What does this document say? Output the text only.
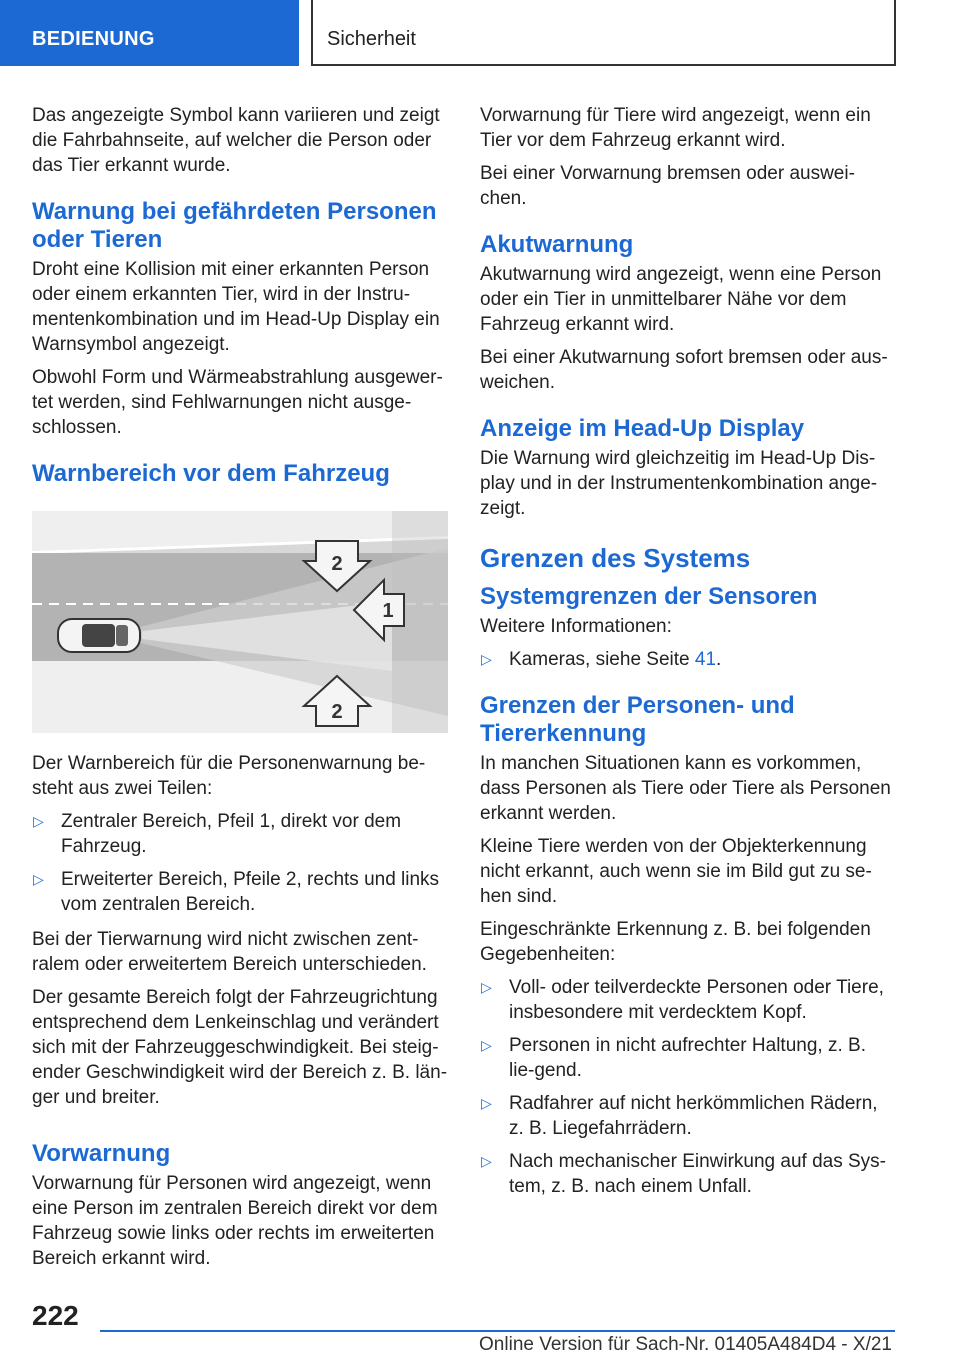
BEDIENUNG	Sicherheit

Das angezeigte Symbol kann variieren und zeigt die Fahrbahnseite, auf welcher die Person oder das Tier erkannt wurde.

Warnung bei gefährdeten Personen oder Tieren

Droht eine Kollision mit einer erkannten Person oder einem erkannten Tier, wird in der Instru-mentenkombination und im Head-Up Display ein Warnsymbol angezeigt.

Obwohl Form und Wärmeabstrahlung ausgewer-tet werden, sind Fehlwarnungen nicht ausge-schlossen.

Warnbereich vor dem Fahrzeug
2
1
2

Der Warnbereich für die Personenwarnung be-steht aus zwei Teilen:

▷ Zentraler Bereich, Pfeil 1, direkt vor dem Fahrzeug.
▷ Erweiterter Bereich, Pfeile 2, rechts und links vom zentralen Bereich.

Bei der Tierwarnung wird nicht zwischen zent-ralem oder erweitertem Bereich unterschieden.

Der gesamte Bereich folgt der Fahrzeugrichtung entsprechend dem Lenkeinschlag und verändert sich mit der Fahrzeuggeschwindigkeit. Bei steig-ender Geschwindigkeit wird der Bereich z. B. län-ger und breiter.

Vorwarnung

Vorwarnung für Personen wird angezeigt, wenn eine Person im zentralen Bereich direkt vor dem Fahrzeug sowie links oder rechts im erweiterten Bereich erkannt wird.

Vorwarnung für Tiere wird angezeigt, wenn ein Tier vor dem Fahrzeug erkannt wird.

Bei einer Vorwarnung bremsen oder auswei-chen.

Akutwarnung

Akutwarnung wird angezeigt, wenn eine Person oder ein Tier in unmittelbarer Nähe vor dem Fahrzeug erkannt wird.

Bei einer Akutwarnung sofort bremsen oder aus-weichen.

Anzeige im Head-Up Display

Die Warnung wird gleichzeitig im Head-Up Dis-play und in der Instrumentenkombination ange-zeigt.

Grenzen des Systems
Systemgrenzen der Sensoren

Weitere Informationen:

▷ Kameras, siehe Seite 41.
Grenzen der Personen- und Tiererkennung

In manchen Situationen kann es vorkommen, dass Personen als Tiere oder Tiere als Personen erkannt werden.

Kleine Tiere werden von der Objekterkennung nicht erkannt, auch wenn sie im Bild gut zu se-hen sind.

Eingeschränkte Erkennung z. B. bei folgenden Gegebenheiten:

▷ Voll- oder teilverdeckte Personen oder Tiere, insbesondere mit verdecktem Kopf.
▷ Personen in nicht aufrechter Haltung, z. B. lie-gend.
▷ Radfahrer auf nicht herkömmlichen Rädern, z. B. Liegefahrrädern.
▷ Nach mechanischer Einwirkung auf das Sys-tem, z. B. nach einem Unfall.
222
Online Version für Sach-Nr. 01405A484D4 - X/21
